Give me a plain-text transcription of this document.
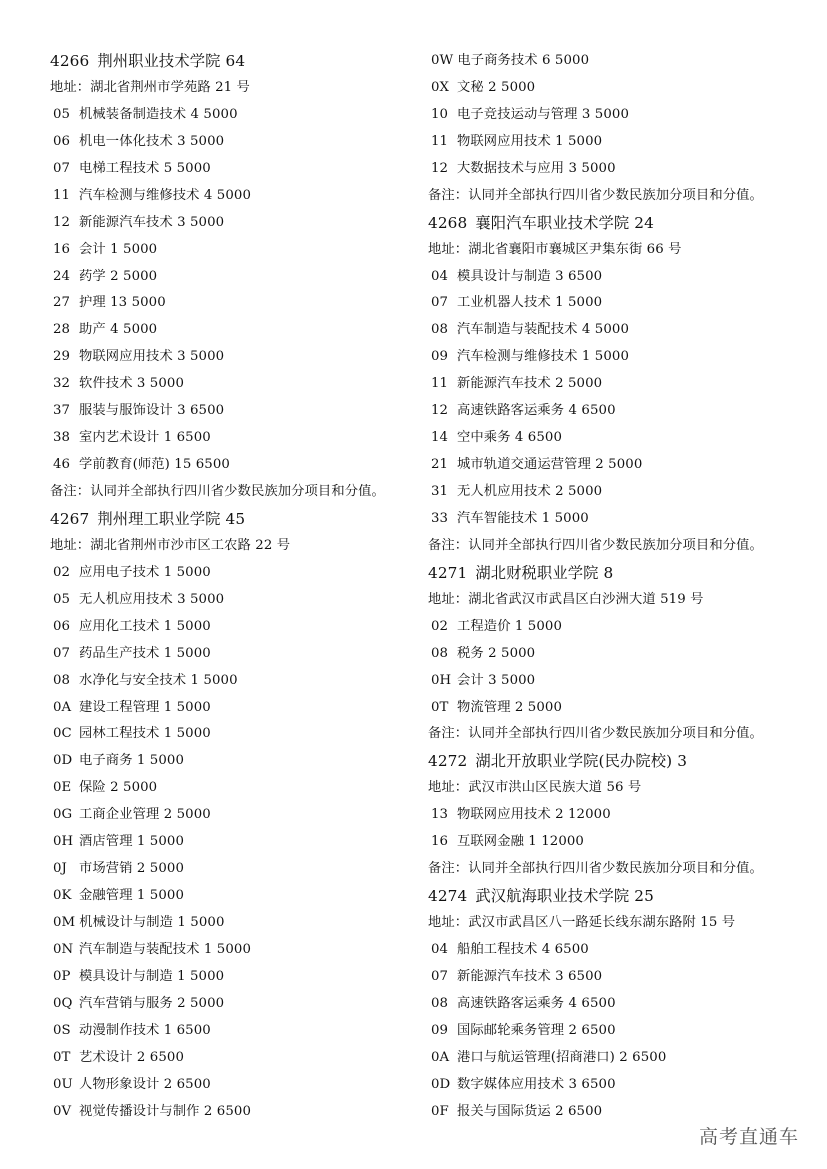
4266 荆州职业技术学院 64
地址：湖北省荆州市学苑路 21 号
05 机械装备制造技术 4 5000
06 机电一体化技术 3 5000
07 电梯工程技术 5 5000
11 汽车检测与维修技术 4 5000
12 新能源汽车技术 3 5000
16 会计 1 5000
24 药学 2 5000
27 护理 13 5000
28 助产 4 5000
29 物联网应用技术 3 5000
32 软件技术 3 5000
37 服装与服饰设计 3 6500
38 室内艺术设计 1 6500
46 学前教育(师范) 15 6500
备注：认同并全部执行四川省少数民族加分项目和分值。
4267 荆州理工职业学院 45
地址：湖北省荆州市沙市区工农路 22 号
02 应用电子技术 1 5000
05 无人机应用技术 3 5000
06 应用化工技术 1 5000
07 药品生产技术 1 5000
08 水净化与安全技术 1 5000
0A 建设工程管理 1 5000
0C 园林工程技术 1 5000
0D 电子商务 1 5000
0E 保险 2 5000
0G 工商企业管理 2 5000
0H 酒店管理 1 5000
0J 市场营销 2 5000
0K 金融管理 1 5000
0M 机械设计与制造 1 5000
0N 汽车制造与装配技术 1 5000
0P 模具设计与制造 1 5000
0Q 汽车营销与服务 2 5000
0S 动漫制作技术 1 6500
0T 艺术设计 2 6500
0U 人物形象设计 2 6500
0V 视觉传播设计与制作 2 6500
0W 电子商务技术 6 5000
0X 文秘 2 5000
10 电子竞技运动与管理 3 5000
11 物联网应用技术 1 5000
12 大数据技术与应用 3 5000
备注：认同并全部执行四川省少数民族加分项目和分值。
4268 襄阳汽车职业技术学院 24
地址：湖北省襄阳市襄城区尹集东街 66 号
04 模具设计与制造 3 6500
07 工业机器人技术 1 5000
08 汽车制造与装配技术 4 5000
09 汽车检测与维修技术 1 5000
11 新能源汽车技术 2 5000
12 高速铁路客运乘务 4 6500
14 空中乘务 4 6500
21 城市轨道交通运营管理 2 5000
31 无人机应用技术 2 5000
33 汽车智能技术 1 5000
备注：认同并全部执行四川省少数民族加分项目和分值。
4271 湖北财税职业学院 8
地址：湖北省武汉市武昌区白沙洲大道 519 号
02 工程造价 1 5000
08 税务 2 5000
0H 会计 3 5000
0T 物流管理 2 5000
备注：认同并全部执行四川省少数民族加分项目和分值。
4272 湖北开放职业学院(民办院校) 3
地址：武汉市洪山区民族大道 56 号
13 物联网应用技术 2 12000
16 互联网金融 1 12000
备注：认同并全部执行四川省少数民族加分项目和分值。
4274 武汉航海职业技术学院 25
地址：武汉市武昌区八一路延长线东湖东路附 15 号
04 船舶工程技术 4 6500
07 新能源汽车技术 3 6500
08 高速铁路客运乘务 4 6500
09 国际邮轮乘务管理 2 6500
0A 港口与航运管理(招商港口) 2 6500
0D 数字媒体应用技术 3 6500
0F 报关与国际货运 2 6500
高考直通车
